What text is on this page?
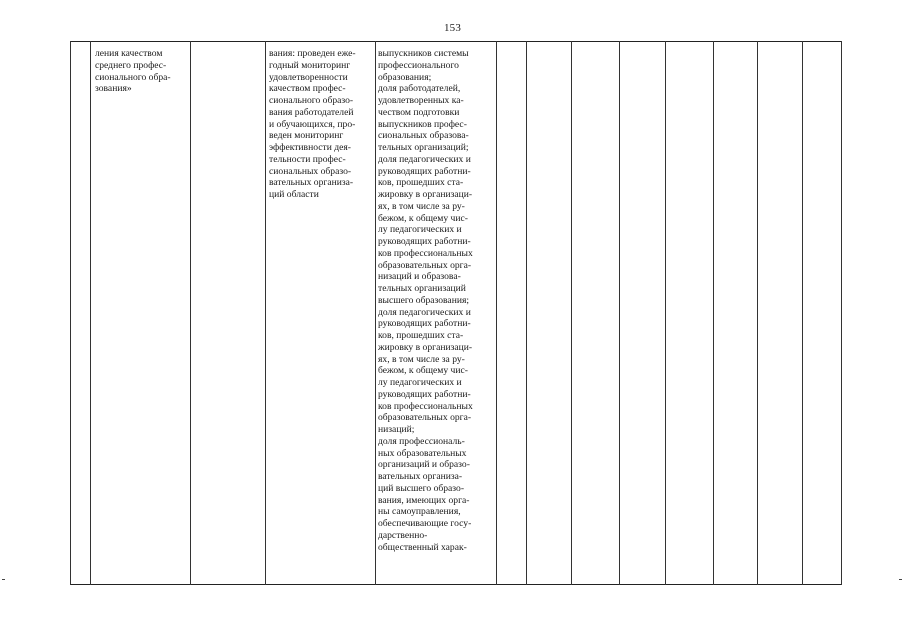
153
ления качеством
среднего профес-
сионального обра-
зования»
вания: проведен еже-
годный мониторинг
удовлетворенности
качеством профес-
сионального образо-
вания работодателей
и обучающихся, про-
веден мониторинг
эффективности дея-
тельности профес-
сиональных образо-
вательных организа-
ций области
выпускников системы
профессионального
образования;
доля работодателей,
удовлетворенных ка-
чеством подготовки
выпускников профес-
сиональных образова-
тельных организаций;
доля педагогических и
руководящих работни-
ков, прошедших ста-
жировку в организаци-
ях, в том числе за ру-
бежом, к общему чис-
лу педагогических и
руководящих работни-
ков профессиональных
образовательных орга-
низаций и образова-
тельных организаций
высшего образования;
доля педагогических и
руководящих работни-
ков, прошедших ста-
жировку в организаци-
ях, в том числе за ру-
бежом, к общему чис-
лу педагогических и
руководящих работни-
ков профессиональных
образовательных орга-
низаций;
доля профессиональ-
ных образовательных
организаций и образо-
вательных организа-
ций высшего образо-
вания, имеющих орга-
ны самоуправления,
обеспечивающие госу-
дарственно-
общественный харак-
